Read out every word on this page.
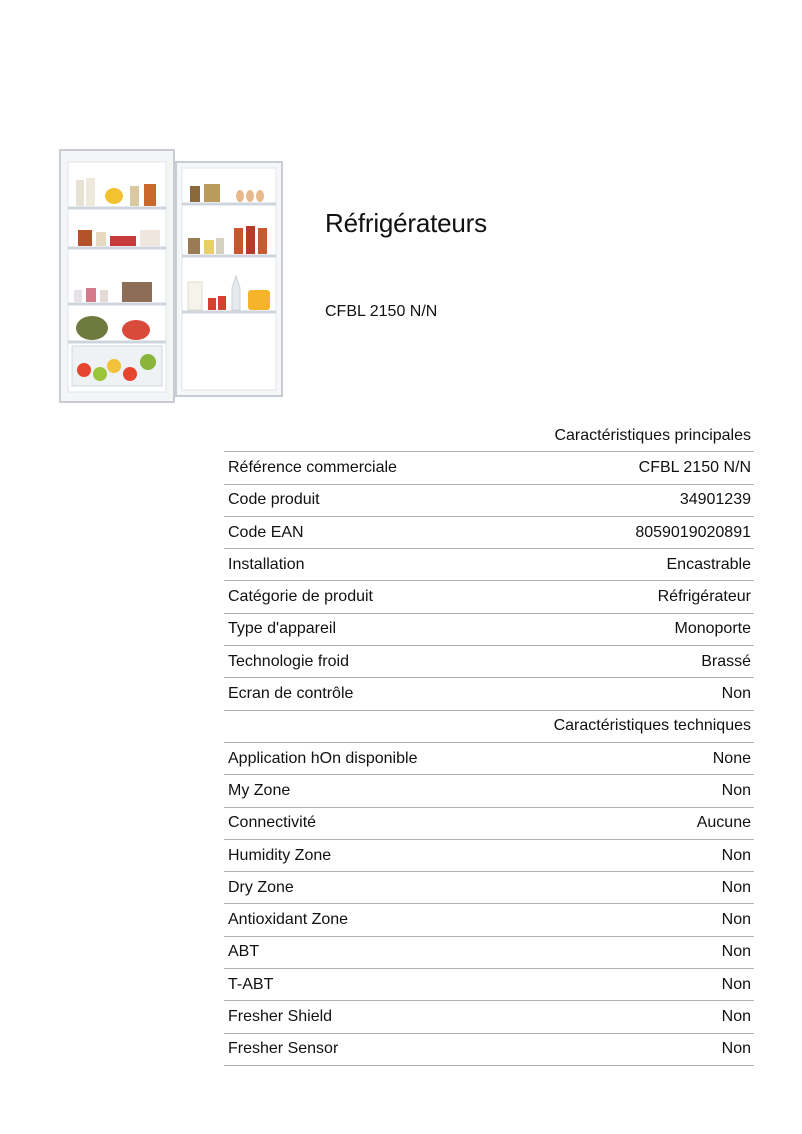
Réfrigérateurs
CFBL 2150 N/N
Caractéristiques principales
Référence commerciale	CFBL 2150 N/N
Code produit	34901239
Code EAN	8059019020891
Installation	Encastrable
Catégorie de produit	Réfrigérateur
Type d'appareil	Monoporte
Technologie froid	Brassé
Ecran de contrôle	Non
Caractéristiques techniques
Application hOn disponible	None
My Zone	Non
Connectivité	Aucune
Humidity Zone	Non
Dry Zone	Non
Antioxidant Zone	Non
ABT	Non
T-ABT	Non
Fresher Shield	Non
Fresher Sensor	Non
